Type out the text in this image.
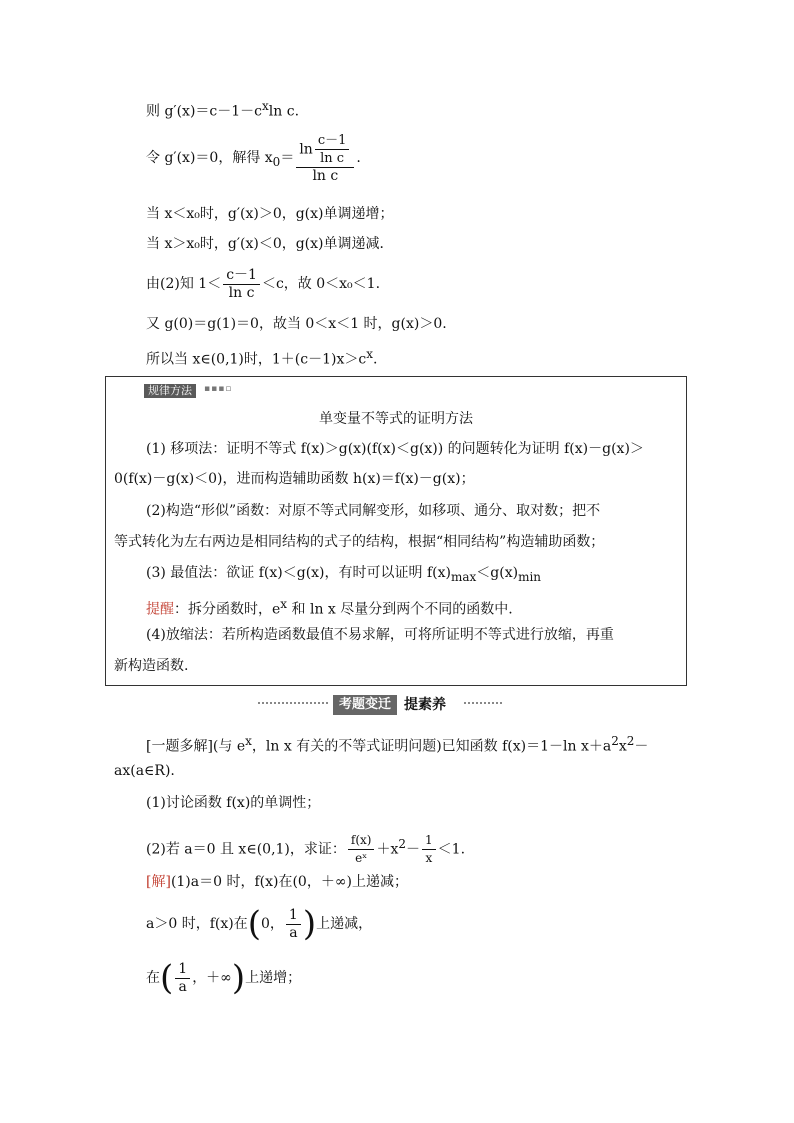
则 $g'(x)=c-1-c^x\ln$ c.
令 g′(x)＝0，解得 $x_0= \frac{\ln \frac{c-1}{\text{ln c}}}{\text{ln c}}$ .
当 x＜x₀时，g′(x)＞0，g(x)单调递增；
当 x＞x₀时，g′(x)＜0，g(x)单调递减．
由(2)知 $1< \frac{c-1}{\text{ln c}} <c$，故 0＜x₀＜1.
又 g(0)＝g(1)＝0，故当 0＜x＜1 时，g(x)＞0.
所以当 x∈(0,1)时，$1+(c-1)x>c^x$.
规律方法	▪▪▪▫
单变量不等式的证明方法
(1) 移项法：证明不等式 f(x)＞g(x)(f(x)＜g(x)) 的问题转化为证明 f(x)－g(x)＞
0(f(x)－g(x)＜0)，进而构造辅助函数 h(x)＝f(x)－g(x)；
(2)构造“形似”函数：对原不等式同解变形，如移项、通分、取对数；把不
等式转化为左右两边是相同结构的式子的结构，根据“相同结构”构造辅助函数；
(3) 最值法：欲证 f(x)＜g(x)，有时可以证明 $f(x)_{max}<g(x)_{min}$
提醒：拆分函数时，$e^x$ 和 ln x 尽量分到两个不同的函数中.
(4)放缩法：若所构造函数最值不易求解，可将所证明不等式进行放缩，再重
新构造函数.
考题变迁 提素养
[一题多解](与 $e^x$，ln x 有关的不等式证明问题)已知函数 f(x)＝1－ln $x+a^2x^2-$
ax(a∈R).
(1)讨论函数 f(x)的单调性；
(2)若 a＝0 且 x∈(0,1)，求证： $\frac{f(x)}{\text{eˣ}} +x^2- \frac{1}{x} <1$.
[解](1)a＝0 时，f(x)在(0，＋∞)上递减；
a＞0 时，f(x)在(0， $\frac{1}{a}$ )上递减，
在( $\frac{1}{a}$ ，＋∞)上递增；
